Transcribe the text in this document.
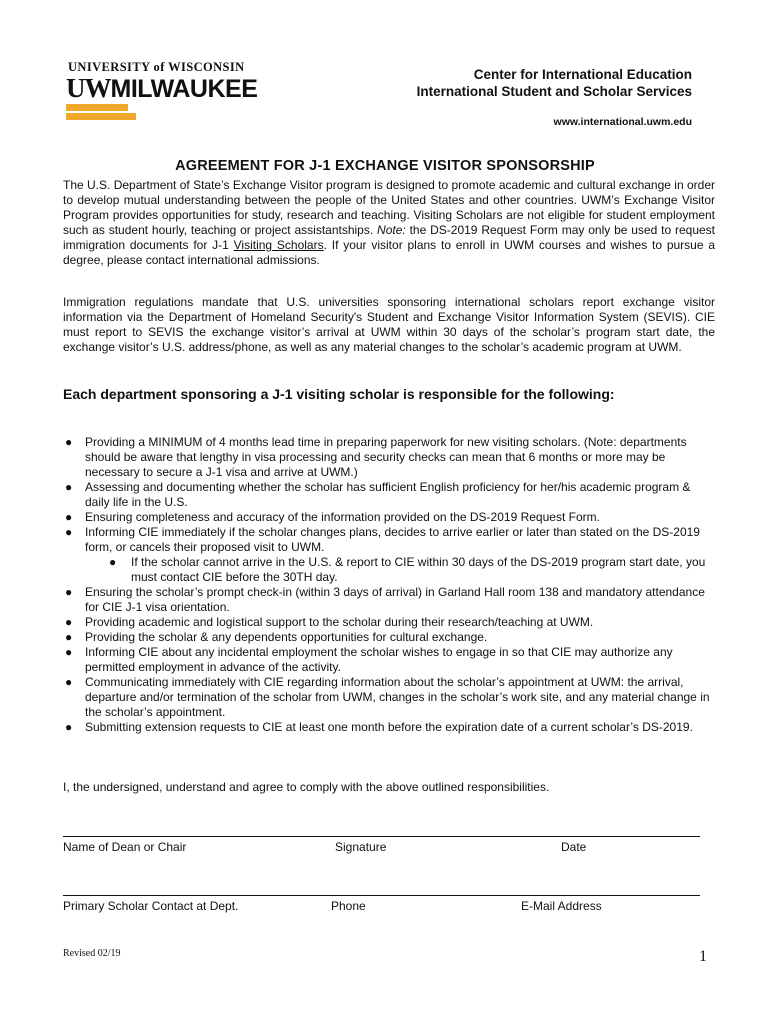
UNIVERSITY of WISCONSIN
UWMILWAUKEE
Center for International Education
International Student and Scholar Services
www.international.uwm.edu
AGREEMENT FOR J-1 EXCHANGE VISITOR SPONSORSHIP
The U.S. Department of State’s Exchange Visitor program is designed to promote academic and cultural exchange in order to develop mutual understanding between the people of the United States and other countries. UWM’s Exchange Visitor Program provides opportunities for study, research and teaching. Visiting Scholars are not eligible for student employment such as student hourly, teaching or project assistantships. Note: the DS-2019 Request Form may only be used to request immigration documents for J-1 Visiting Scholars. If your visitor plans to enroll in UWM courses and wishes to pursue a degree, please contact international admissions.
Immigration regulations mandate that U.S. universities sponsoring international scholars report exchange visitor information via the Department of Homeland Security's Student and Exchange Visitor Information System (SEVIS). CIE must report to SEVIS the exchange visitor’s arrival at UWM within 30 days of the scholar’s program start date, the exchange visitor’s U.S. address/phone, as well as any material changes to the scholar’s academic program at UWM.
Each department sponsoring a J-1 visiting scholar is responsible for the following:
● Providing a MINIMUM of 4 months lead time in preparing paperwork for new visiting scholars. (Note: departments should be aware that lengthy in visa processing and security checks can mean that 6 months or more may be necessary to secure a J-1 visa and arrive at UWM.)
● Assessing and documenting whether the scholar has sufficient English proficiency for her/his academic program & daily life in the U.S.
● Ensuring completeness and accuracy of the information provided on the DS-2019 Request Form.
● Informing CIE immediately if the scholar changes plans, decides to arrive earlier or later than stated on the DS-2019 form, or cancels their proposed visit to UWM.
● If the scholar cannot arrive in the U.S. & report to CIE within 30 days of the DS-2019 program start date, you must contact CIE before the 30TH day.
● Ensuring the scholar’s prompt check-in (within 3 days of arrival) in Garland Hall room 138 and mandatory attendance for CIE J-1 visa orientation.
● Providing academic and logistical support to the scholar during their research/teaching at UWM.
● Providing the scholar & any dependents opportunities for cultural exchange.
● Informing CIE about any incidental employment the scholar wishes to engage in so that CIE may authorize any permitted employment in advance of the activity.
● Communicating immediately with CIE regarding information about the scholar’s appointment at UWM: the arrival, departure and/or termination of the scholar from UWM, changes in the scholar’s work site, and any material change in the scholar’s appointment.
● Submitting extension requests to CIE at least one month before the expiration date of a current scholar’s DS-2019.
I, the undersigned, understand and agree to comply with the above outlined responsibilities.
Name of Dean or Chair	Signature	Date
Primary Scholar Contact at Dept.	Phone	E-Mail Address
Revised 02/19	1
